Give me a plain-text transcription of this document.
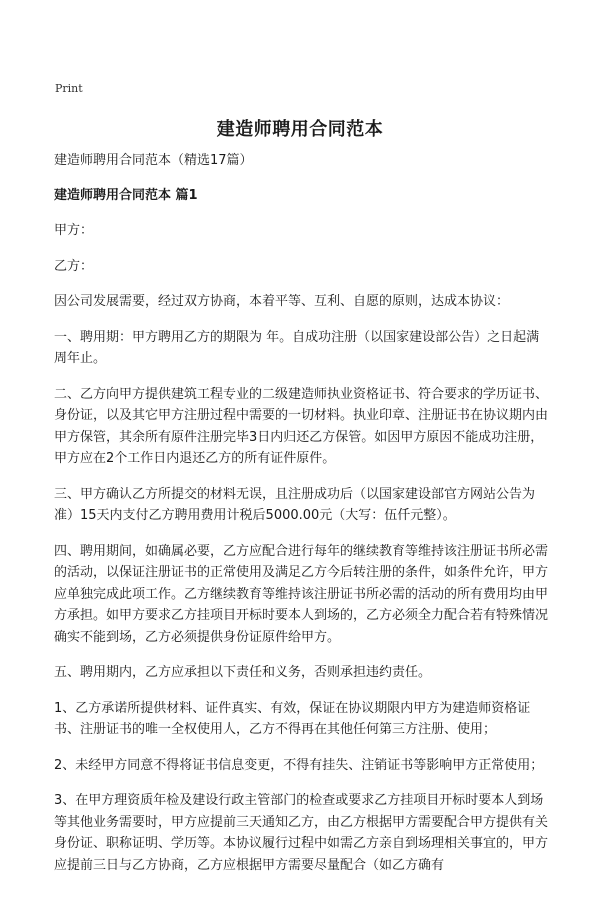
Print
建造师聘用合同范本

建造师聘用合同范本（精选17篇）

建造师聘用合同范本 篇1

甲方：

乙方：

因公司发展需要，经过双方协商，本着平等、互利、自愿的原则，达成本协议：

一、聘用期：甲方聘用乙方的期限为 年。自成功注册（以国家建设部公告）之日起满 周年止。

二、乙方向甲方提供建筑工程专业的二级建造师执业资格证书、符合要求的学历证书、身份证，以及其它甲方注册过程中需要的一切材料。执业印章、注册证书在协议期内由甲方保管，其余所有原件注册完毕3日内归还乙方保管。如因甲方原因不能成功注册，甲方应在2个工作日内退还乙方的所有证件原件。

三、甲方确认乙方所提交的材料无误，且注册成功后（以国家建设部官方网站公告为准）15天内支付乙方聘用费用计税后5000.00元（大写：伍仟元整）。

四、聘用期间，如确属必要，乙方应配合进行每年的继续教育等维持该注册证书所必需的活动，以保证注册证书的正常使用及满足乙方今后转注册的条件，如条件允许，甲方应单独完成此项工作。乙方继续教育等维持该注册证书所必需的活动的所有费用均由甲方承担。如甲方要求乙方挂项目开标时要本人到场的，乙方必须全力配合若有特殊情况确实不能到场，乙方必须提供身份证原件给甲方。

五、聘用期内，乙方应承担以下责任和义务，否则承担违约责任。

1、乙方承诺所提供材料、证件真实、有效，保证在协议期限内甲方为建造师资格证书、注册证书的唯一全权使用人，乙方不得再在其他任何第三方注册、使用；

2、未经甲方同意不得将证书信息变更，不得有挂失、注销证书等影响甲方正常使用；

3、在甲方理资质年检及建设行政主管部门的检查或要求乙方挂项目开标时要本人到场等其他业务需要时，甲方应提前三天通知乙方，由乙方根据甲方需要配合甲方提供有关身份证、职称证明、学历等。本协议履行过程中如需乙方亲自到场理相关事宜的，甲方应提前三日与乙方协商，乙方应根据甲方需要尽量配合（如乙方确有
